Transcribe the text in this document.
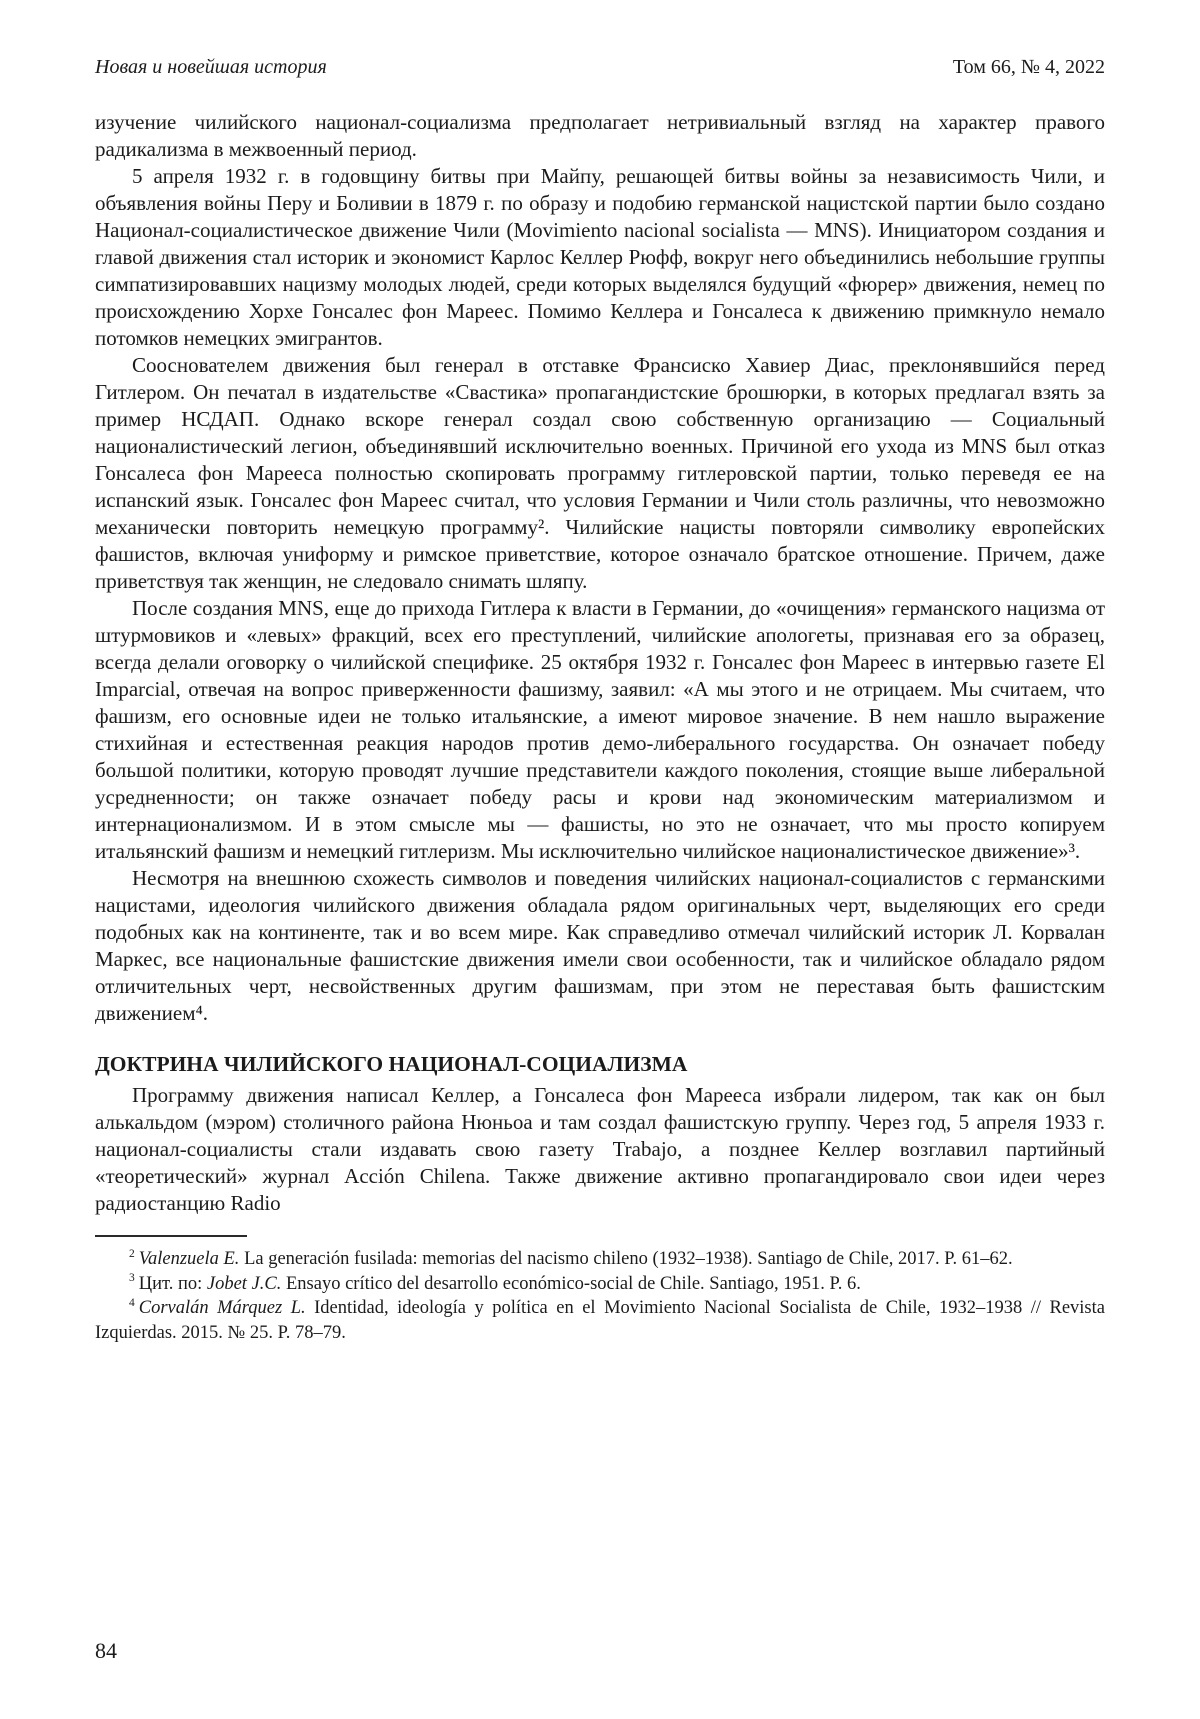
Новая и новейшая история	Том 66, № 4, 2022

изучение чилийского национал-социализма предполагает нетривиальный взгляд на характер правого радикализма в межвоенный период.

5 апреля 1932 г. в годовщину битвы при Майпу, решающей битвы войны за независимость Чили, и объявления войны Перу и Боливии в 1879 г. по образу и подобию германской нацистской партии было создано Национал-социалистическое движение Чили (Movimiento nacional socialista — MNS). Инициатором создания и главой движения стал историк и экономист Карлос Келлер Рюфф, вокруг него объединились небольшие группы симпатизировавших нацизму молодых людей, среди которых выделялся будущий «фюрер» движения, немец по происхождению Хорхе Гонсалес фон Мареес. Помимо Келлера и Гонсалеса к движению примкнуло немало потомков немецких эмигрантов.

Сооснователем движения был генерал в отставке Франсиско Хавиер Диас, преклонявшийся перед Гитлером. Он печатал в издательстве «Свастика» пропагандистские брошюрки, в которых предлагал взять за пример НСДАП. Однако вскоре генерал создал свою собственную организацию — Социальный националистический легион, объединявший исключительно военных. Причиной его ухода из MNS был отказ Гонсалеса фон Марееса полностью скопировать программу гитлеровской партии, только переведя ее на испанский язык. Гонсалес фон Мареес считал, что условия Германии и Чили столь различны, что невозможно механически повторить немецкую программу². Чилийские нацисты повторяли символику европейских фашистов, включая униформу и римское приветствие, которое означало братское отношение. Причем, даже приветствуя так женщин, не следовало снимать шляпу.

После создания MNS, еще до прихода Гитлера к власти в Германии, до «очищения» германского нацизма от штурмовиков и «левых» фракций, всех его преступлений, чилийские апологеты, признавая его за образец, всегда делали оговорку о чилийской специфике. 25 октября 1932 г. Гонсалес фон Мареес в интервью газете El Imparcial, отвечая на вопрос приверженности фашизму, заявил: «А мы этого и не отрицаем. Мы считаем, что фашизм, его основные идеи не только итальянские, а имеют мировое значение. В нем нашло выражение стихийная и естественная реакция народов против демо-либерального государства. Он означает победу большой политики, которую проводят лучшие представители каждого поколения, стоящие выше либеральной усредненности; он также означает победу расы и крови над экономическим материализмом и интернационализмом. И в этом смысле мы — фашисты, но это не означает, что мы просто копируем итальянский фашизм и немецкий гитлеризм. Мы исключительно чилийское националистическое движение»³.

Несмотря на внешнюю схожесть символов и поведения чилийских национал-социалистов с германскими нацистами, идеология чилийского движения обладала рядом оригинальных черт, выделяющих его среди подобных как на континенте, так и во всем мире. Как справедливо отмечал чилийский историк Л. Корвалан Маркес, все национальные фашистские движения имели свои особенности, так и чилийское обладало рядом отличительных черт, несвойственных другим фашизмам, при этом не переставая быть фашистским движением⁴.

ДОКТРИНА ЧИЛИЙСКОГО НАЦИОНАЛ-СОЦИАЛИЗМА

Программу движения написал Келлер, а Гонсалеса фон Марееса избрали лидером, так как он был алькальдом (мэром) столичного района Нюньоа и там создал фашистскую группу. Через год, 5 апреля 1933 г. национал-социалисты стали издавать свою газету Trabajo, а позднее Келлер возглавил партийный «теоретический» журнал Acción Chilena. Также движение активно пропагандировало свои идеи через радиостанцию Radio

$^2$ Valenzuela E. La generación fusilada: memorias del nacismo chileno (1932–1938). Santiago de Chile, 2017. P. 61–62.

$^3$ Цит. по: Jobet J.C. Ensayo crítico del desarrollo económico-social de Chile. Santiago, 1951. P. 6.

$^4$ Corvalán Márquez L. Identidad, ideología y política en el Movimiento Nacional Socialista de Chile, 1932–1938 // Revista Izquierdas. 2015. № 25. P. 78–79.

84
